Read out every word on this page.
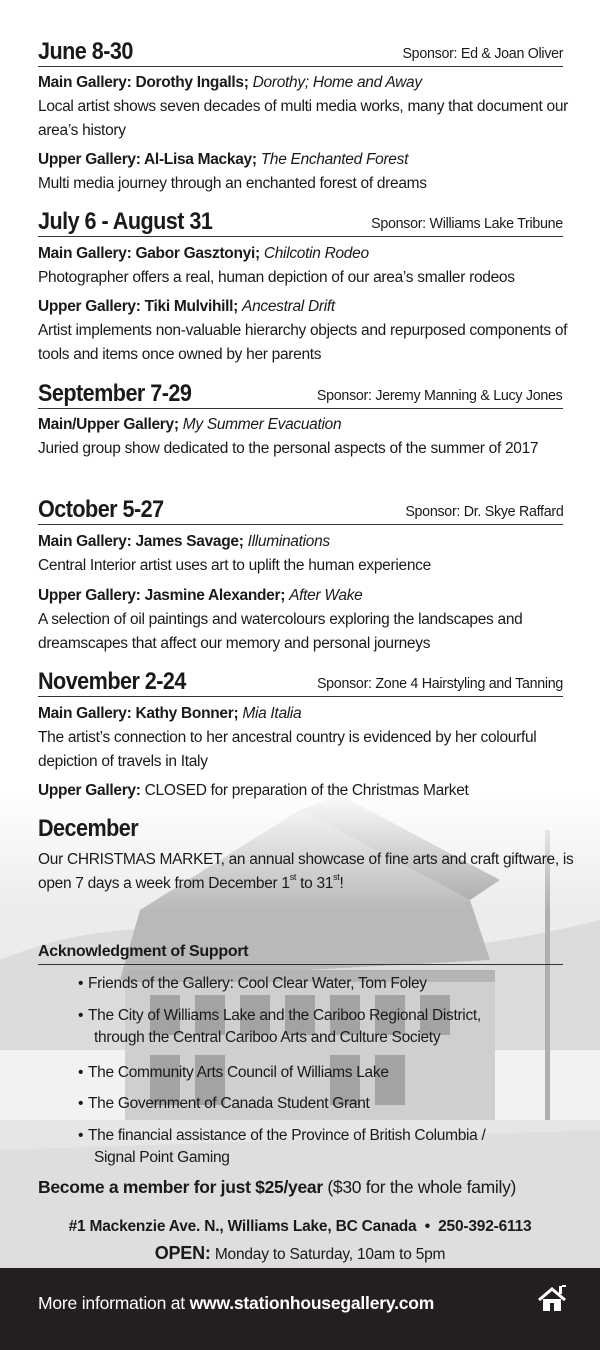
June 8-30	Sponsor: Ed & Joan Oliver
Main Gallery: Dorothy Ingalls; Dorothy; Home and Away
Local artist shows seven decades of multi media works, many that document our area’s history
Upper Gallery: Al-Lisa Mackay; The Enchanted Forest
Multi media journey through an enchanted forest of dreams
July 6 - August 31	Sponsor: Williams Lake Tribune
Main Gallery: Gabor Gasztonyi; Chilcotin Rodeo
Photographer offers a real, human depiction of our area’s smaller rodeos
Upper Gallery: Tiki Mulvihill; Ancestral Drift
Artist implements non-valuable hierarchy objects and repurposed components of tools and items once owned by her parents
September 7-29	Sponsor: Jeremy Manning & Lucy Jones
Main/Upper Gallery; My Summer Evacuation
Juried group show dedicated to the personal aspects of the summer of 2017
October 5-27	Sponsor: Dr. Skye Raffard
Main Gallery: James Savage; Illuminations
Central Interior artist uses art to uplift the human experience
Upper Gallery: Jasmine Alexander; After Wake
A selection of oil paintings and watercolours exploring the landscapes and dreamscapes that affect our memory and personal journeys
November 2-24	Sponsor: Zone 4 Hairstyling and Tanning
Main Gallery: Kathy Bonner; Mia Italia
The artist’s connection to her ancestral country is evidenced by her colourful depiction of travels in Italy
Upper Gallery: CLOSED for preparation of the Christmas Market
December
Our CHRISTMAS MARKET, an annual showcase of fine arts and craft giftware, is open 7 days a week from December 1st to 31st!
Acknowledgment of Support
• Friends of the Gallery: Cool Clear Water, Tom Foley
• The City of Williams Lake and the Cariboo Regional District,
through the Central Cariboo Arts and Culture Society
• The Community Arts Council of Williams Lake
• The Government of Canada Student Grant
• The financial assistance of the Province of British Columbia /
Signal Point Gaming
Become a member for just $25/year ($30 for the whole family)
#1 Mackenzie Ave. N., Williams Lake, BC Canada • 250-392-6113
OPEN: Monday to Saturday, 10am to 5pm
More information at www.stationhousegallery.com
